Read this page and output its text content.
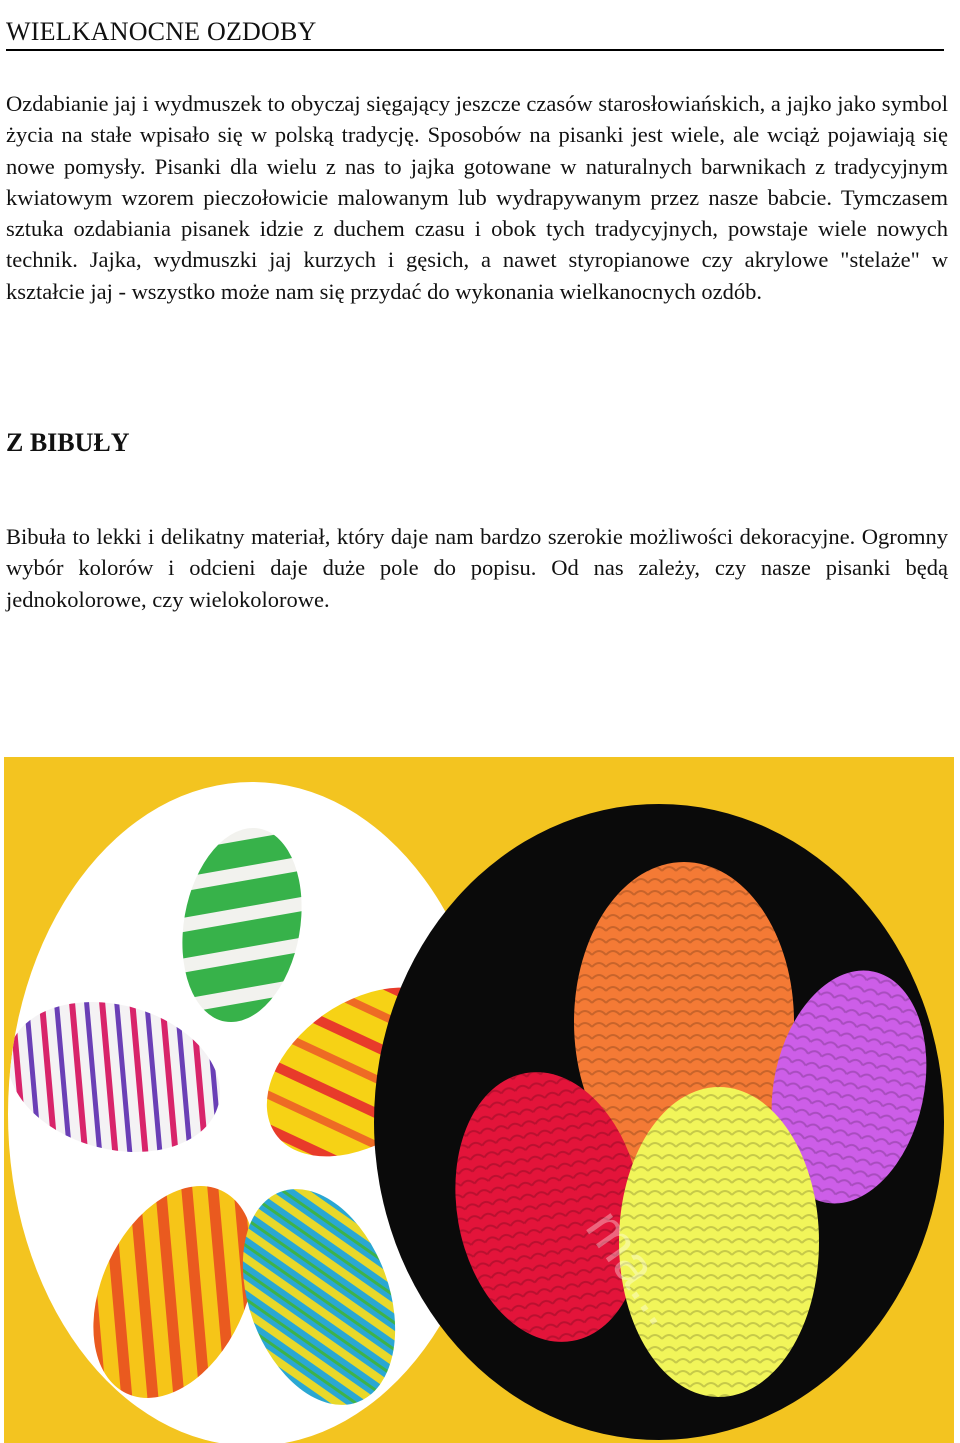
WIELKANOCNE OZDOBY

Ozdabianie jaj i wydmuszek to obyczaj sięgający jeszcze czasów starosłowiańskich, a jajko jako symbol życia na stałe wpisało się w polską tradycję. Sposobów na pisanki jest wiele, ale wciąż pojawiają się nowe pomysły. Pisanki dla wielu z nas to jajka gotowane w naturalnych barwnikach z tradycyjnym kwiatowym wzorem pieczołowicie malowanym lub wydrapywanym przez nasze babcie. Tymczasem sztuka ozdabiania pisanek idzie z duchem czasu i obok tych tradycyjnych, powstaje wiele nowych technik. Jajka, wydmuszki jaj kurzych i gęsich, a nawet styropianowe czy akrylowe "stelaże" w kształcie jaj - wszystko może nam się przydać do wykonania wielkanocnych ozdób.

Z BIBUŁY

Bibuła to lekki i delikatny materiał, który daje nam bardzo szerokie możliwości dekoracyjne. Ogromny wybór kolorów i odcieni daje duże pole do popisu. Od nas zależy, czy nasze pisanki będą jednokolorowe, czy wielokolorowe.

ma...
